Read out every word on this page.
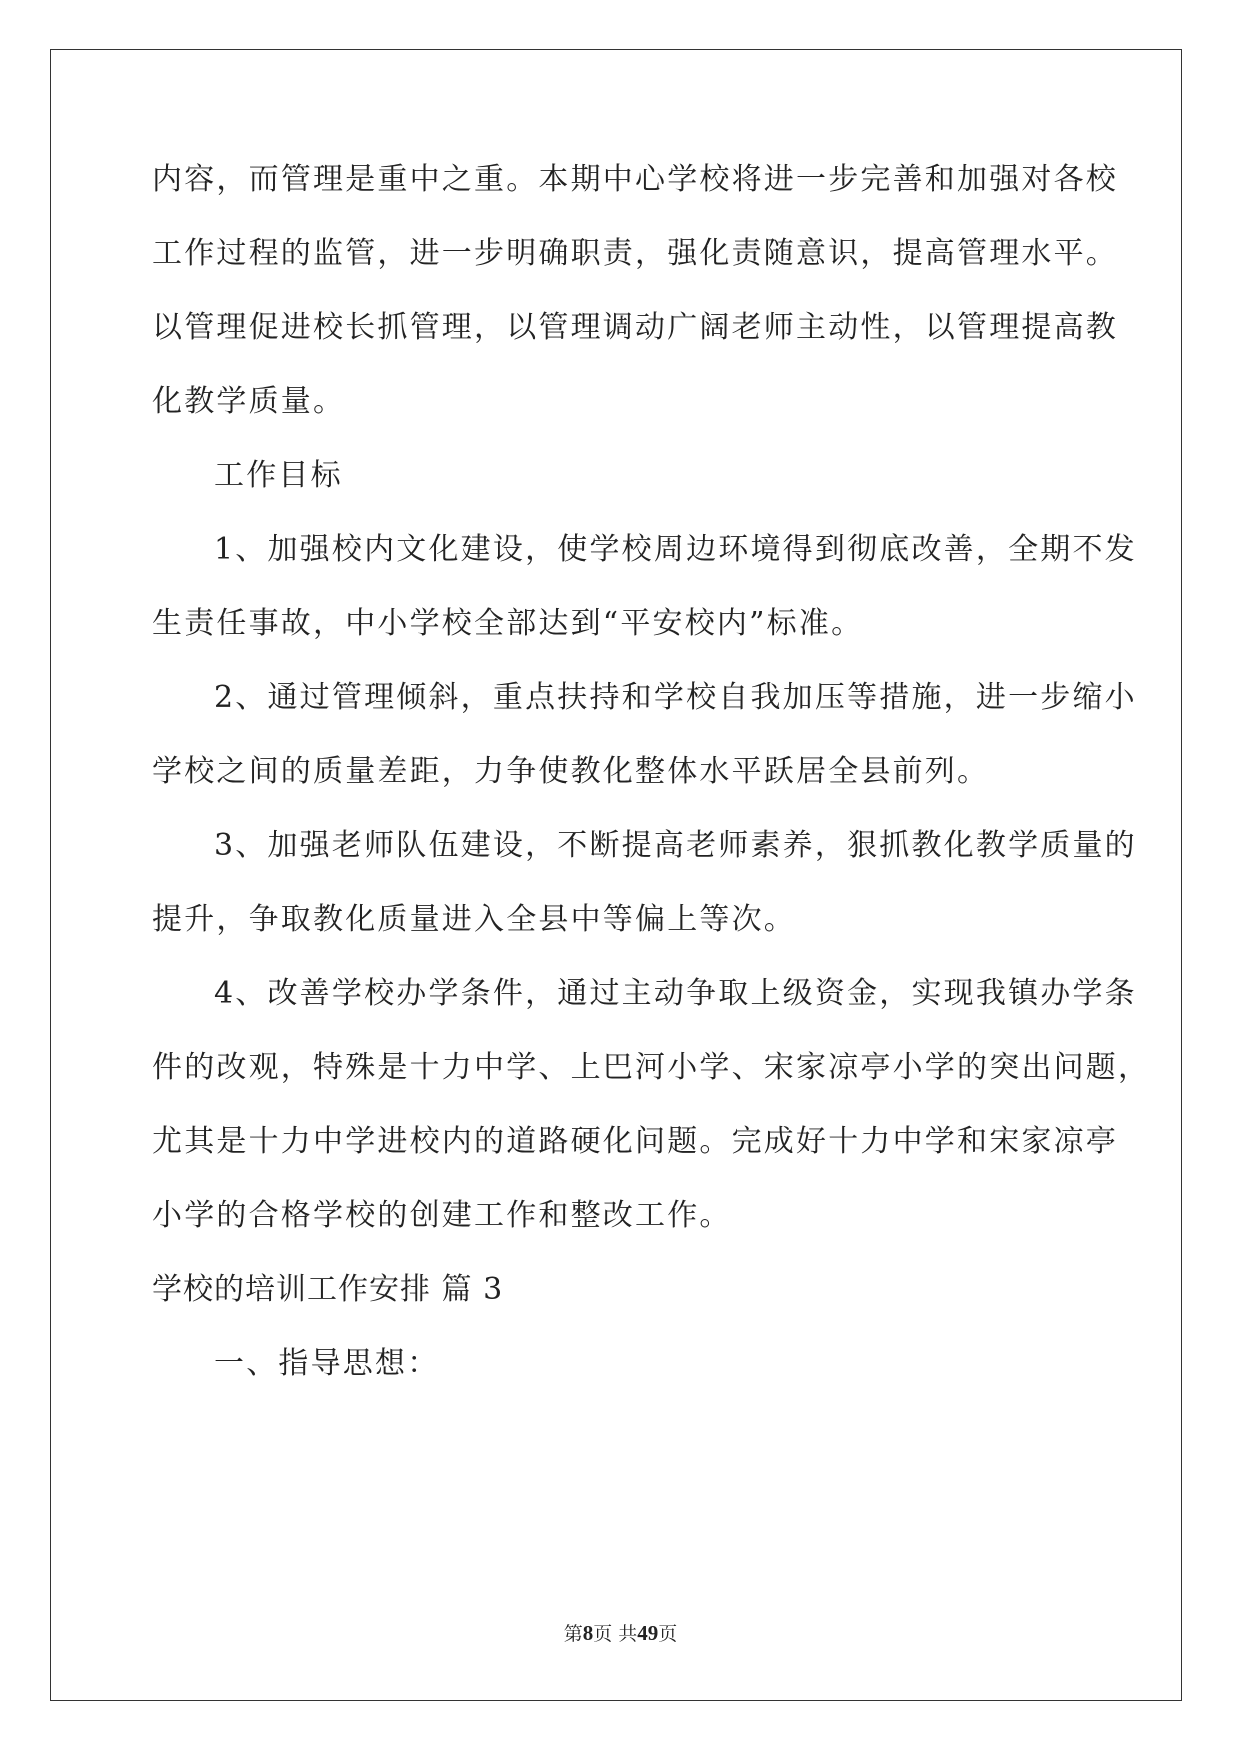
内容，而管理是重中之重。本期中心学校将进一步完善和加强对各校
工作过程的监管，进一步明确职责，强化责随意识，提高管理水平。
以管理促进校长抓管理，以管理调动广阔老师主动性，以管理提高教
化教学质量。
工作目标
1、加强校内文化建设，使学校周边环境得到彻底改善，全期不发
生责任事故，中小学校全部达到“平安校内”标准。
2、通过管理倾斜，重点扶持和学校自我加压等措施，进一步缩小
学校之间的质量差距，力争使教化整体水平跃居全县前列。
3、加强老师队伍建设，不断提高老师素养，狠抓教化教学质量的
提升，争取教化质量进入全县中等偏上等次。
4、改善学校办学条件，通过主动争取上级资金，实现我镇办学条
件的改观，特殊是十力中学、上巴河小学、宋家凉亭小学的突出问题，
尤其是十力中学进校内的道路硬化问题。完成好十力中学和宋家凉亭
小学的合格学校的创建工作和整改工作。
学校的培训工作安排 篇 3
一、指导思想：
第8页 共49页
